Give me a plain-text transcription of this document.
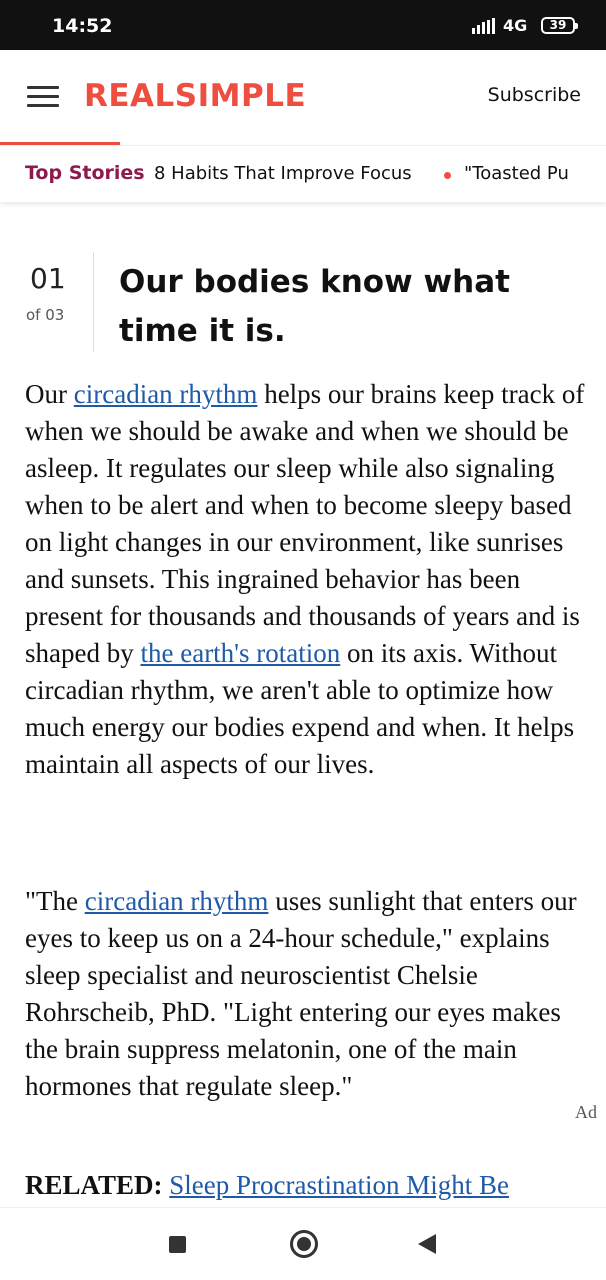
14:52	4G	39
REALSIMPLE	Subscribe
Top Stories 8 Habits That Improve Focus	"Toasted Pu
01
of 03
Our bodies know what time it is.

Our circadian rhythm helps our brains keep track of when we should be awake and when we should be asleep. It regulates our sleep while also signaling when to be alert and when to become sleepy based on light changes in our environment, like sunrises and sunsets. This ingrained behavior has been present for thousands and thousands of years and is shaped by the earth's rotation on its axis. Without circadian rhythm, we aren't able to optimize how much energy our bodies expend and when. It helps maintain all aspects of our lives.

"The circadian rhythm uses sunlight that enters our eyes to keep us on a 24-hour schedule," explains sleep specialist and neuroscientist Chelsie Rohrscheib, PhD. "Light entering our eyes makes the brain suppress melatonin, one of the main hormones that regulate sleep."

Ad

RELATED: Sleep Procrastination Might Be
